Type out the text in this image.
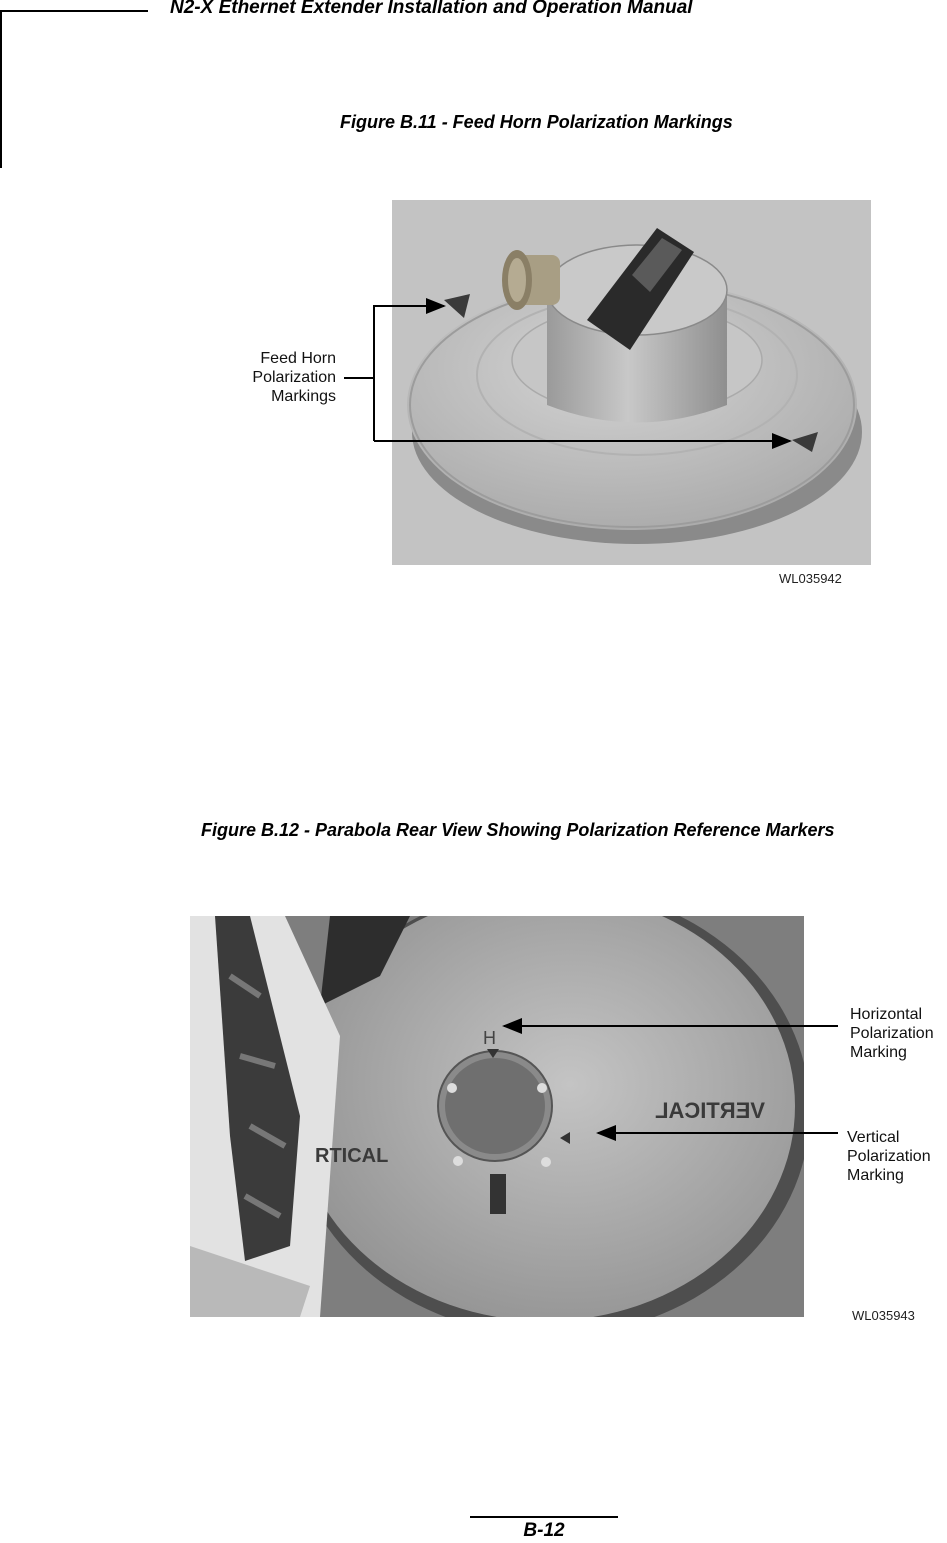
N2-X Ethernet Extender Installation and Operation Manual
Figure B.11 - Feed Horn Polarization Markings
Feed Horn
Polarization
Markings
WL035942
Figure B.12 - Parabola Rear View Showing Polarization Reference Markers
H
RTICAL
VERTICAL
Horizontal
Polarization
Marking
Vertical
Polarization
Marking
WL035943
B-12
